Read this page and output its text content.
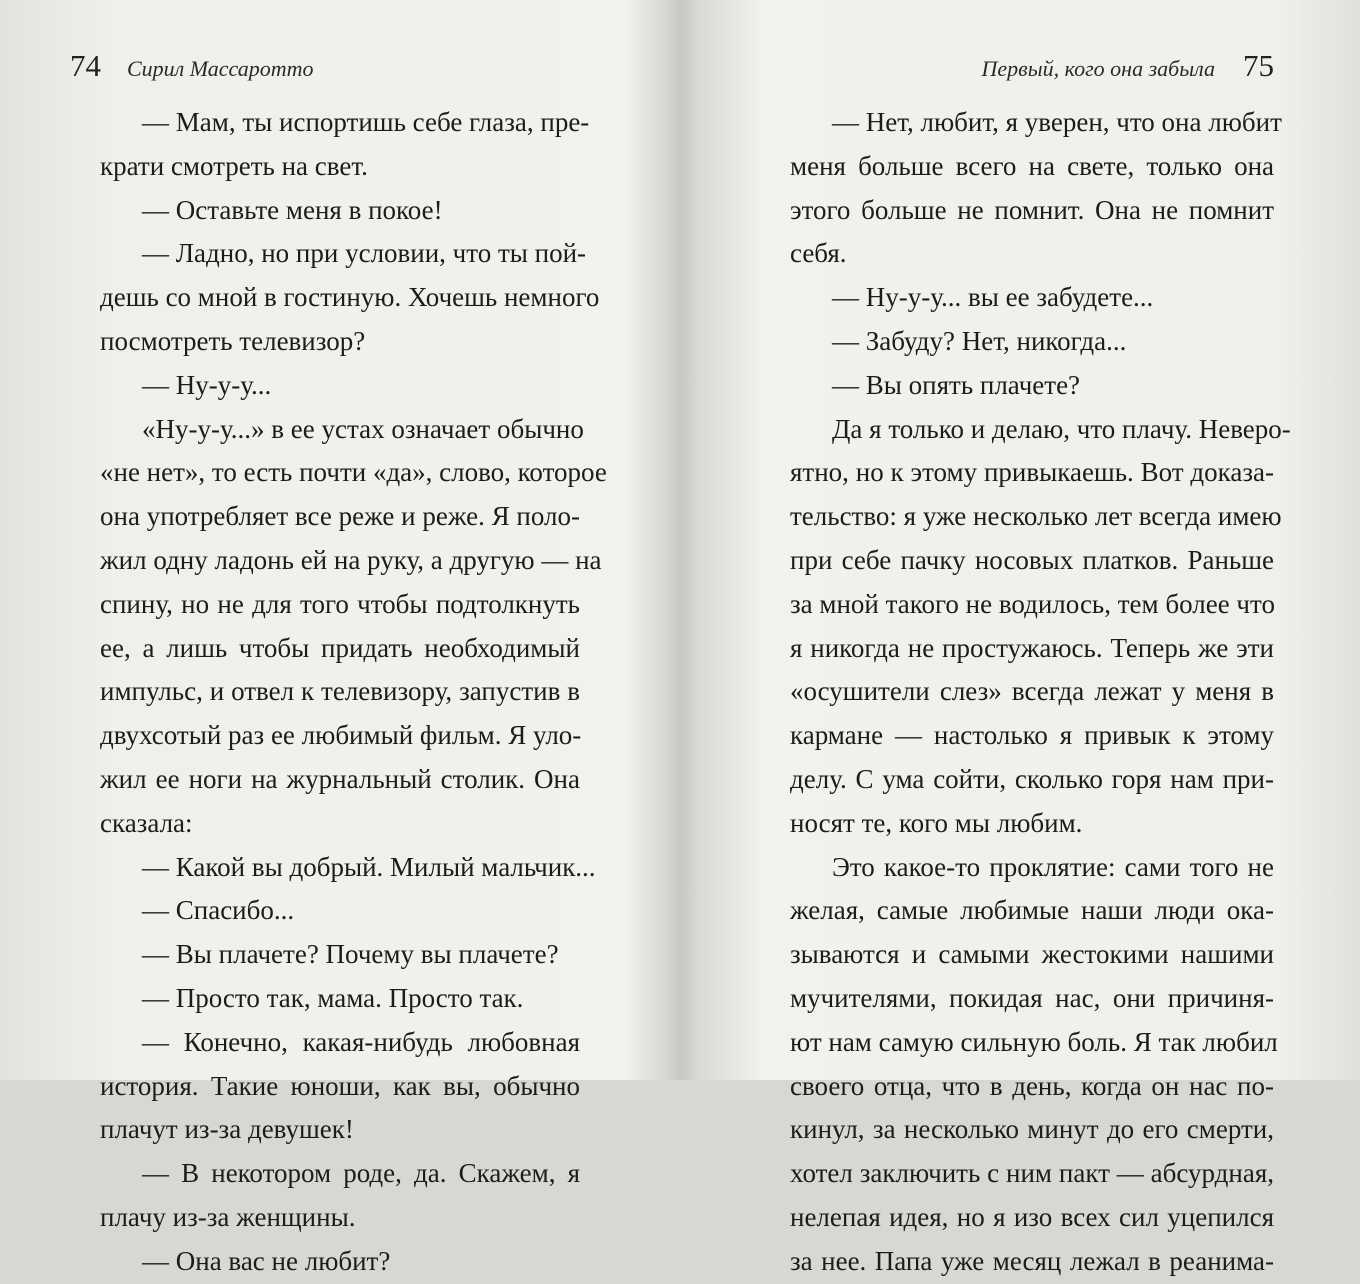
74 Сирил Массаротто
— Мам, ты испортишь себе глаза, пре-
крати смотреть на свет.
— Оставьте меня в покое!
— Ладно, но при условии, что ты пой-
дешь со мной в гостиную. Хочешь немного
посмотреть телевизор?
— Ну-у-у...
«Ну-у-у...» в ее устах означает обычно
«не нет», то есть почти «да», слово, которое
она употребляет все реже и реже. Я поло-
жил одну ладонь ей на руку, а другую — на
спину, но не для того чтобы подтолкнуть
ее, а лишь чтобы придать необходимый
импульс, и отвел к телевизору, запустив в
двухсотый раз ее любимый фильм. Я уло-
жил ее ноги на журнальный столик. Она
сказала:
— Какой вы добрый. Милый мальчик...
— Спасибо...
— Вы плачете? Почему вы плачете?
— Просто так, мама. Просто так.
— Конечно, какая-нибудь любовная
история. Такие юноши, как вы, обычно
плачут из-за девушек!
— В некотором роде, да. Скажем, я
плачу из-за женщины.
— Она вас не любит?
Первый, кого она забыла 75
— Нет, любит, я уверен, что она любит
меня больше всего на свете, только она
этого больше не помнит. Она не помнит
себя.
— Ну-у-у... вы ее забудете...
— Забуду? Нет, никогда...
— Вы опять плачете?
Да я только и делаю, что плачу. Неверо-
ятно, но к этому привыкаешь. Вот доказа-
тельство: я уже несколько лет всегда имею
при себе пачку носовых платков. Раньше
за мной такого не водилось, тем более что
я никогда не простужаюсь. Теперь же эти
«осушители слез» всегда лежат у меня в
кармане — настолько я привык к этому
делу. С ума сойти, сколько горя нам при-
носят те, кого мы любим.
Это какое-то проклятие: сами того не
желая, самые любимые наши люди ока-
зываются и самыми жестокими нашими
мучителями, покидая нас, они причиня-
ют нам самую сильную боль. Я так любил
своего отца, что в день, когда он нас по-
кинул, за несколько минут до его смерти,
хотел заключить с ним пакт — абсурдная,
нелепая идея, но я изо всех сил уцепился
за нее. Папа уже месяц лежал в реанима-
